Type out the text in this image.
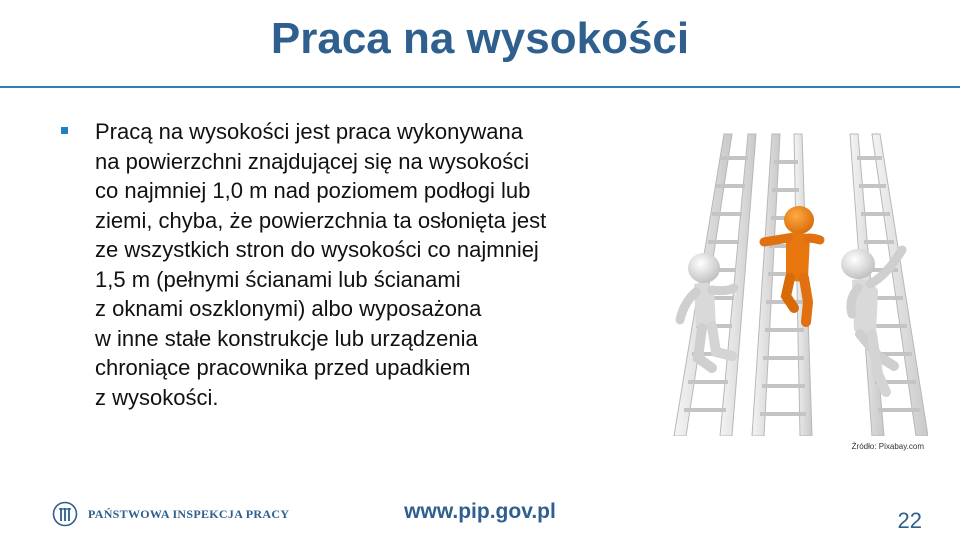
Praca na wysokości
Pracą na wysokości jest praca wykonywana
na powierzchni znajdującej się na wysokości
co najmniej 1,0 m nad poziomem podłogi lub
ziemi, chyba, że powierzchnia ta osłonięta jest
ze wszystkich stron do wysokości co najmniej
1,5 m (pełnymi ścianami lub ścianami
z oknami oszklonymi) albo wyposażona
w inne stałe konstrukcje lub urządzenia
chroniące pracownika przed upadkiem
z wysokości.
Źródło: Pixabay.com
PAŃSTWOWA INSPEKCJA PRACY	www.pip.gov.pl	22
